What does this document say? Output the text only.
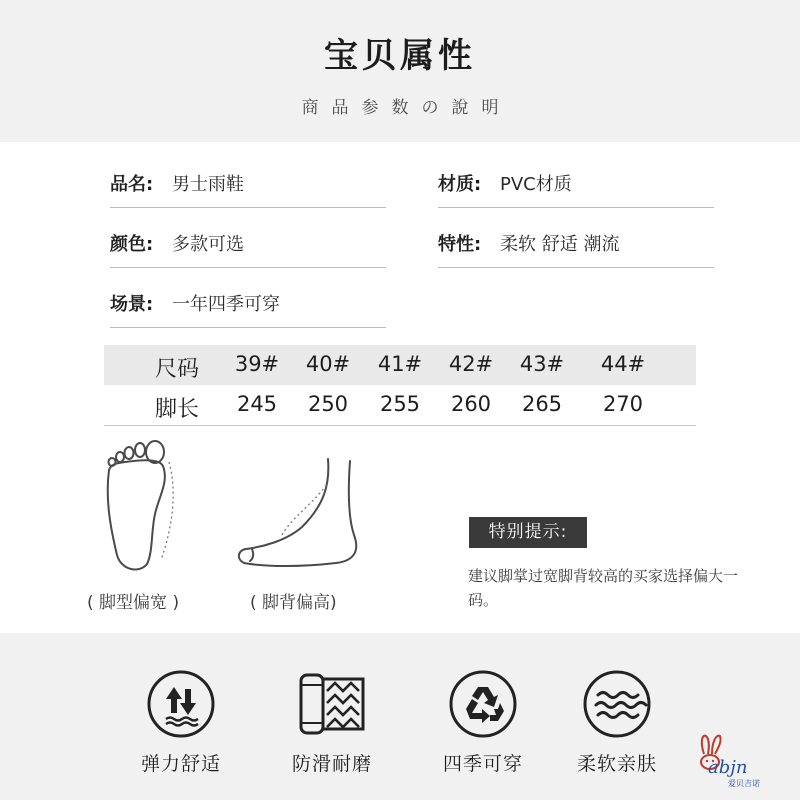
宝贝属性
商品参数の說明
品名: 男士雨鞋	材质: PVC材质
颜色: 多款可选	特性: 柔软 舒适 潮流
场景: 一年四季可穿
尺码	39#	40#	41#	42#	43#	44#
脚长	245	250	255	260	265	270
( 脚型偏宽 )	( 脚背偏高)
特别提示:
建议脚掌过宽脚背较高的买家选择偏大一码。
弹力舒适	防滑耐磨	四季可穿	柔软亲肤	abjn
爱贝吉诺
